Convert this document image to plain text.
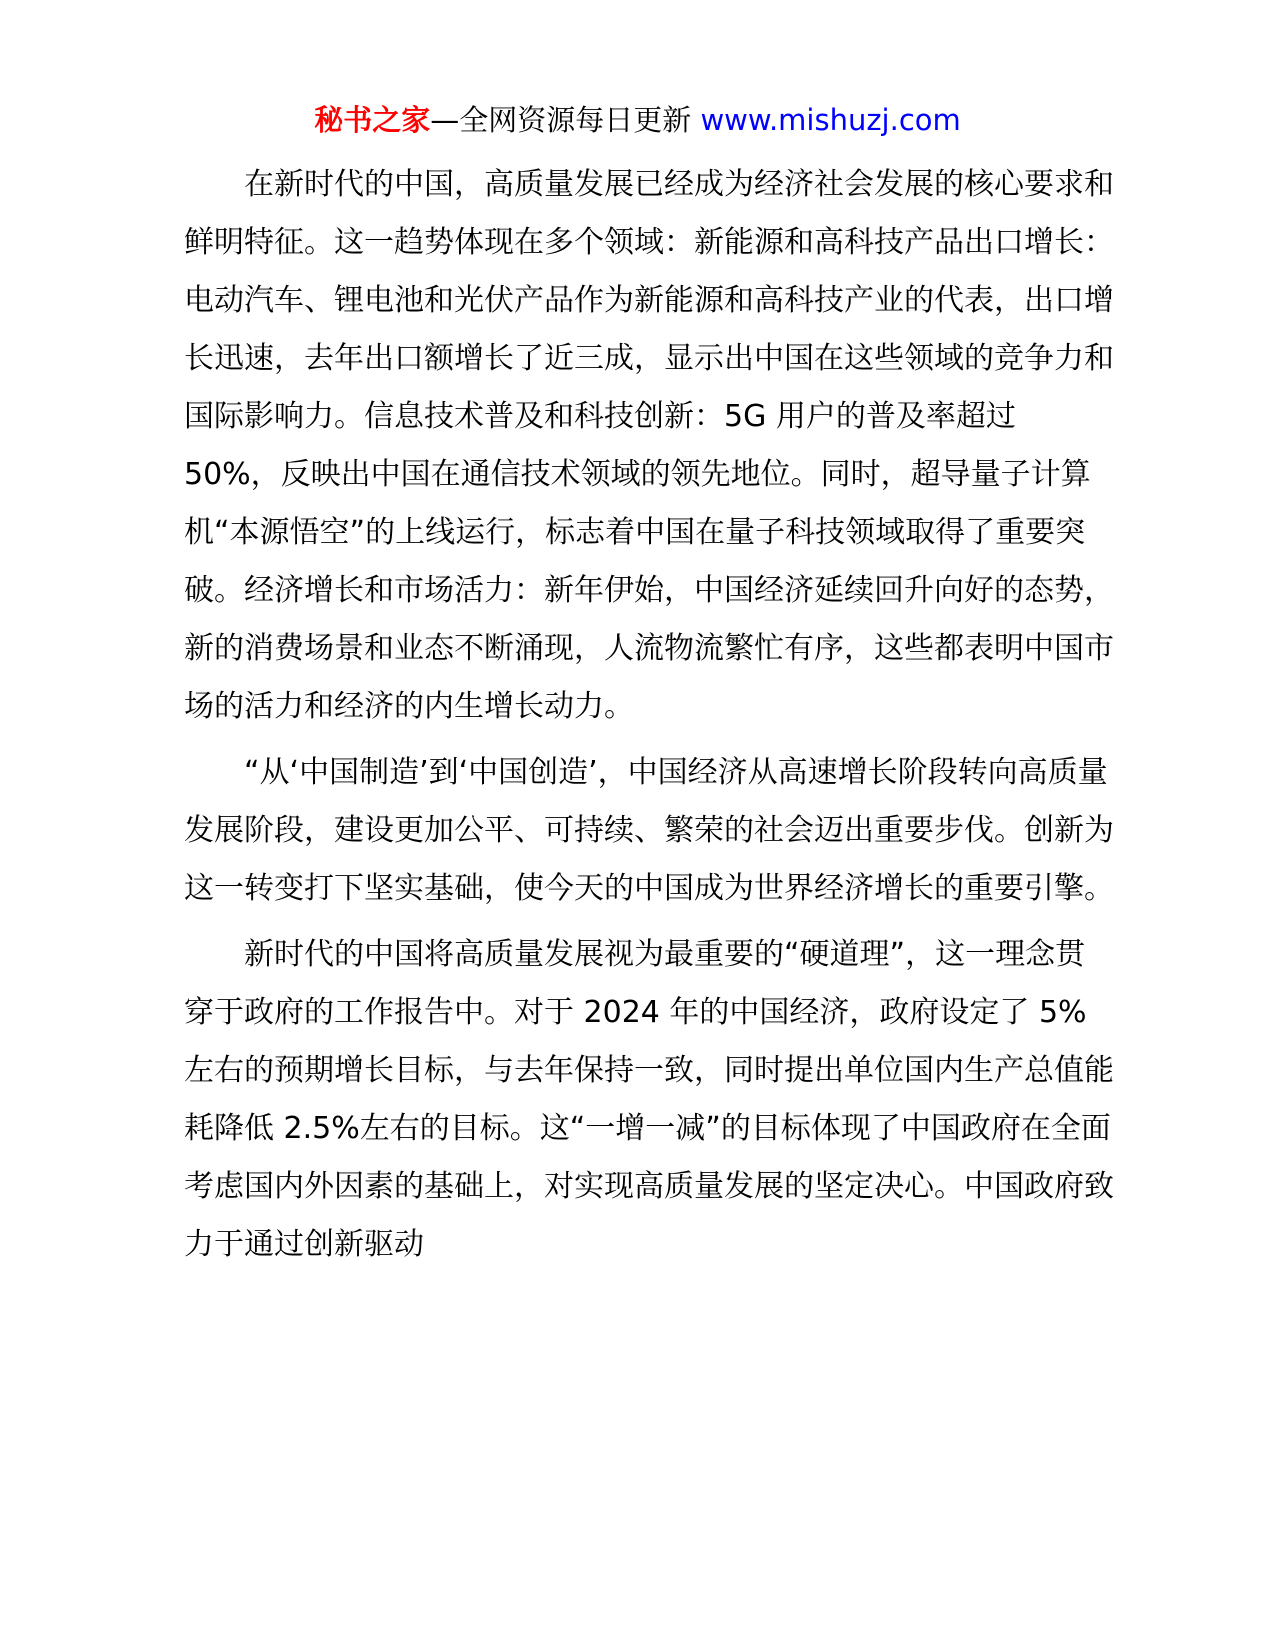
秘书之家—全网资源每日更新 www.mishuzj.com

在新时代的中国，高质量发展已经成为经济社会发展的核心要求和鲜明特征。这一趋势体现在多个领域：新能源和高科技产品出口增长：电动汽车、锂电池和光伏产品作为新能源和高科技产业的代表，出口增长迅速，去年出口额增长了近三成，显示出中国在这些领域的竞争力和国际影响力。信息技术普及和科技创新：5G 用户的普及率超过 50%，反映出中国在通信技术领域的领先地位。同时，超导量子计算机“本源悟空”的上线运行，标志着中国在量子科技领域取得了重要突破。经济增长和市场活力：新年伊始，中国经济延续回升向好的态势，新的消费场景和业态不断涌现，人流物流繁忙有序，这些都表明中国市场的活力和经济的内生增长动力。

“从‘中国制造’到‘中国创造’，中国经济从高速增长阶段转向高质量发展阶段，建设更加公平、可持续、繁荣的社会迈出重要步伐。创新为这一转变打下坚实基础，使今天的中国成为世界经济增长的重要引擎。

新时代的中国将高质量发展视为最重要的“硬道理”，这一理念贯穿于政府的工作报告中。对于 2024 年的中国经济，政府设定了 5%左右的预期增长目标，与去年保持一致，同时提出单位国内生产总值能耗降低 2.5%左右的目标。这“一增一减”的目标体现了中国政府在全面考虑国内外因素的基础上，对实现高质量发展的坚定决心。中国政府致力于通过创新驱动
